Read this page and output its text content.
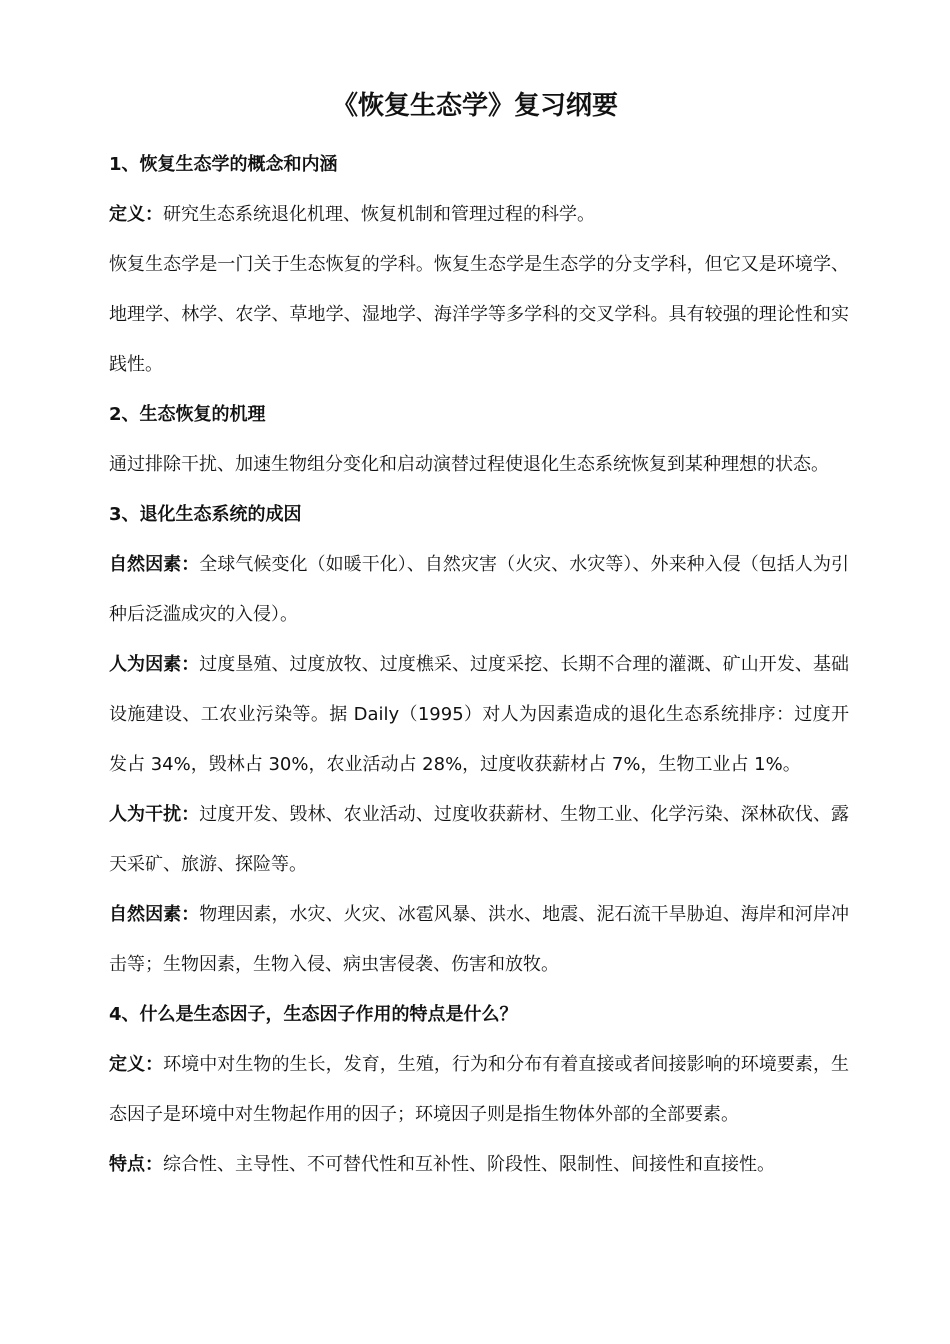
《恢复生态学》复习纲要

1、恢复生态学的概念和内涵

定义：研究生态系统退化机理、恢复机制和管理过程的科学。

恢复生态学是一门关于生态恢复的学科。恢复生态学是生态学的分支学科，但它又是环境学、地理学、林学、农学、草地学、湿地学、海洋学等多学科的交叉学科。具有较强的理论性和实践性。

2、生态恢复的机理

通过排除干扰、加速生物组分变化和启动演替过程使退化生态系统恢复到某种理想的状态。

3、退化生态系统的成因

自然因素：全球气候变化（如暖干化）、自然灾害（火灾、水灾等）、外来种入侵（包括人为引种后泛滥成灾的入侵）。

人为因素：过度垦殖、过度放牧、过度樵采、过度采挖、长期不合理的灌溉、矿山开发、基础设施建设、工农业污染等。据 Daily（1995）对人为因素造成的退化生态系统排序：过度开发占 34%，毁林占 30%，农业活动占 28%，过度收获薪材占 7%，生物工业占 1%。

人为干扰：过度开发、毁林、农业活动、过度收获薪材、生物工业、化学污染、深林砍伐、露天采矿、旅游、探险等。

自然因素：物理因素，水灾、火灾、冰雹风暴、洪水、地震、泥石流干旱胁迫、海岸和河岸冲击等；生物因素，生物入侵、病虫害侵袭、伤害和放牧。

4、什么是生态因子，生态因子作用的特点是什么？

定义：环境中对生物的生长，发育，生殖，行为和分布有着直接或者间接影响的环境要素，生态因子是环境中对生物起作用的因子；环境因子则是指生物体外部的全部要素。

特点：综合性、主导性、不可替代性和互补性、阶段性、限制性、间接性和直接性。
